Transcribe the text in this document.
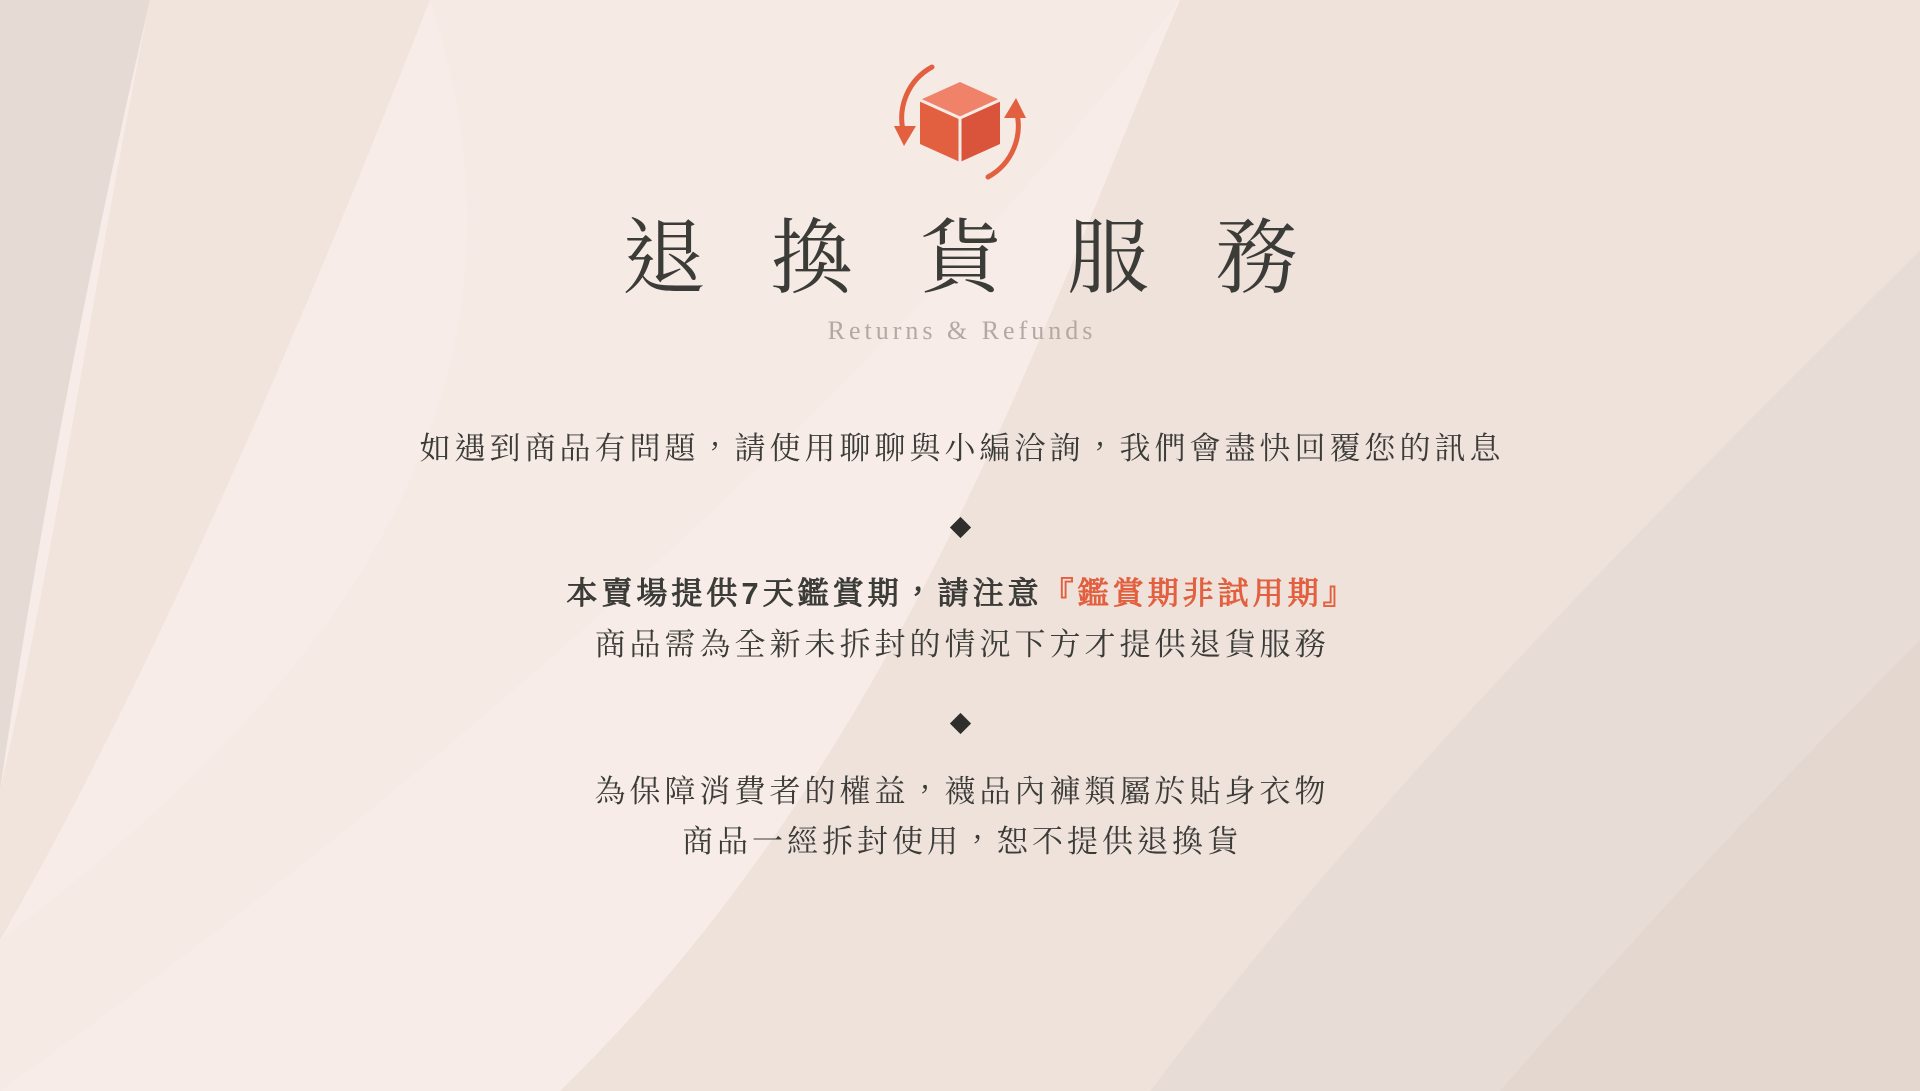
退 換 貨 服 務
Returns & Refunds
如遇到商品有問題，請使用聊聊與小編洽詢，我們會盡快回覆您的訊息
本賣場提供7天鑑賞期，請注意『鑑賞期非試用期』
商品需為全新未拆封的情況下方才提供退貨服務
為保障消費者的權益，襪品內褲類屬於貼身衣物
商品一經拆封使用，恕不提供退換貨
